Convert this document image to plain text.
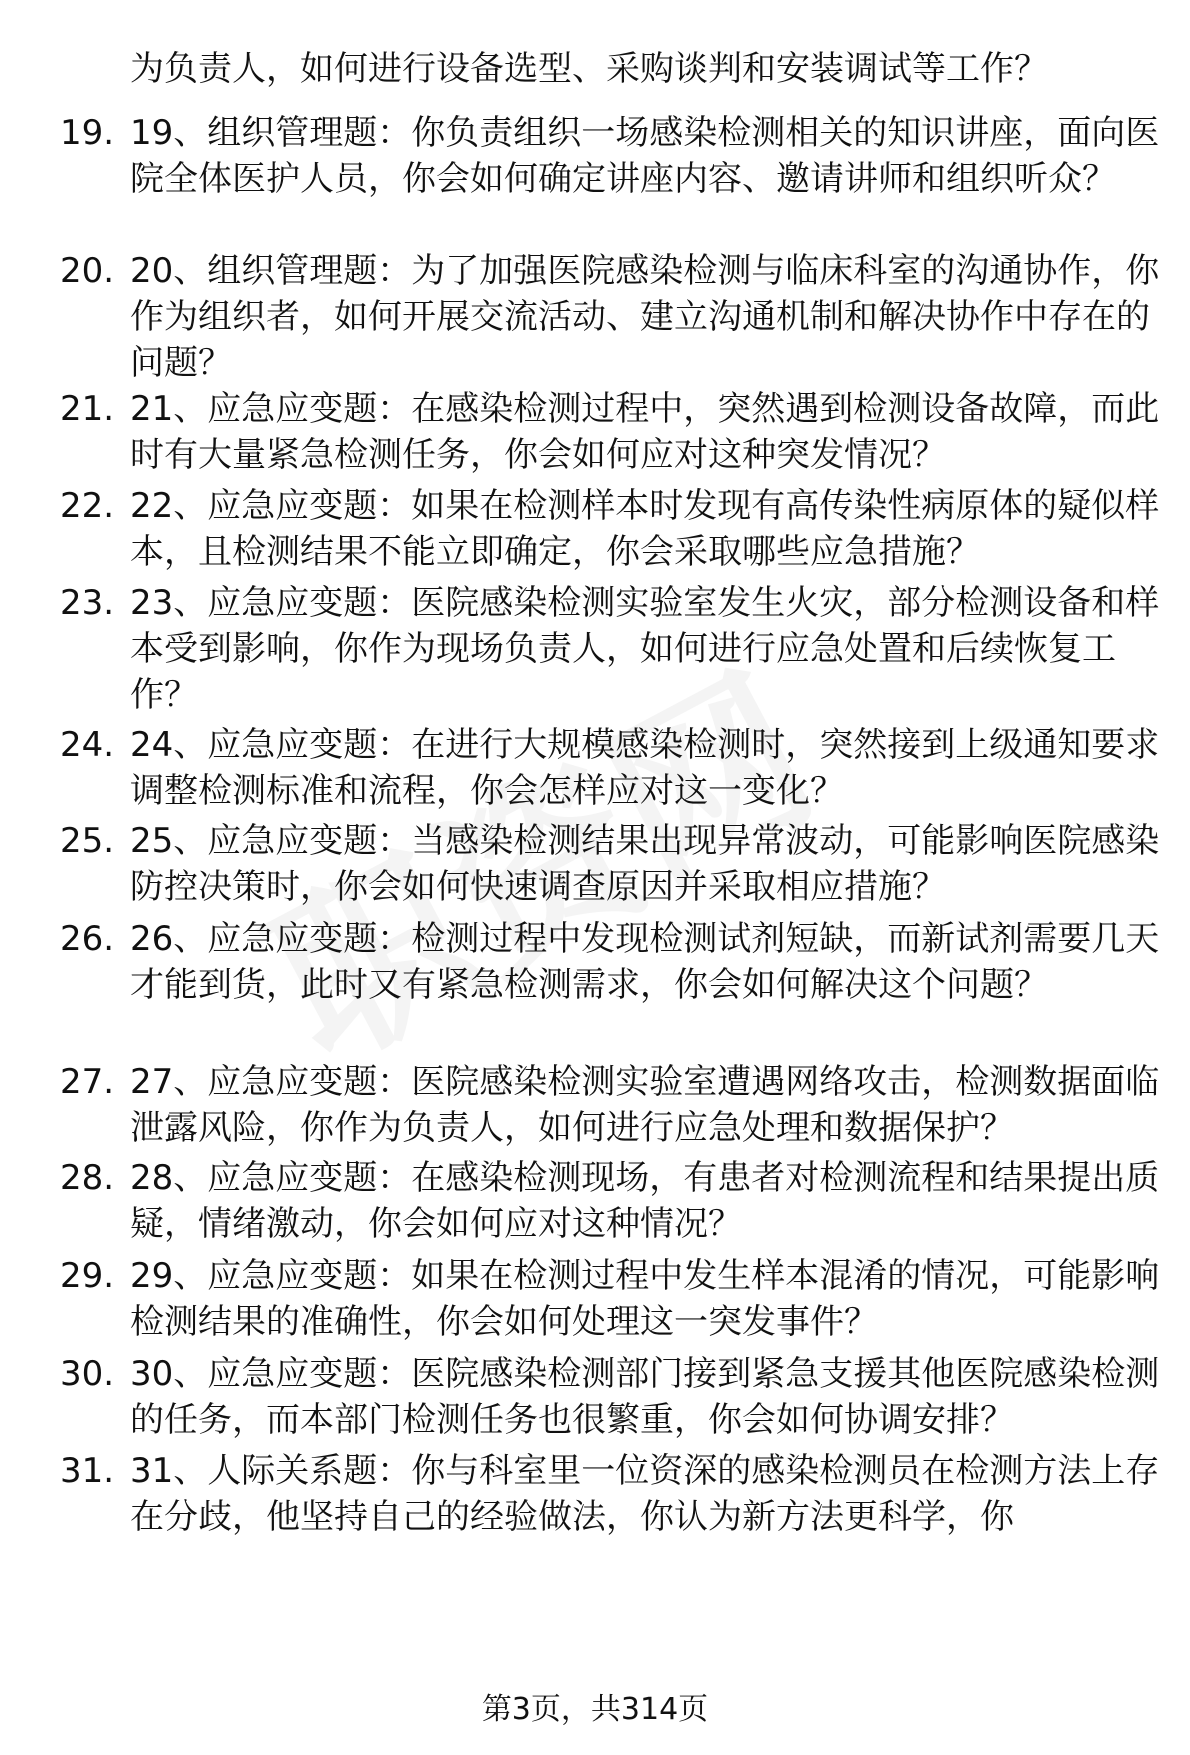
为负责人，如何进行设备选型、采购谈判和安装调试等工作？
19. 19、组织管理题：你负责组织一场感染检测相关的知识讲座，面向医院全体医护人员，你会如何确定讲座内容、邀请讲师和组织听众？
20. 20、组织管理题：为了加强医院感染检测与临床科室的沟通协作，你作为组织者，如何开展交流活动、建立沟通机制和解决协作中存在的问题？
21. 21、应急应变题：在感染检测过程中，突然遇到检测设备故障，而此时有大量紧急检测任务，你会如何应对这种突发情况？
22. 22、应急应变题：如果在检测样本时发现有高传染性病原体的疑似样本，且检测结果不能立即确定，你会采取哪些应急措施？
23. 23、应急应变题：医院感染检测实验室发生火灾，部分检测设备和样本受到影响，你作为现场负责人，如何进行应急处置和后续恢复工作？
24. 24、应急应变题：在进行大规模感染检测时，突然接到上级通知要求调整检测标准和流程，你会怎样应对这一变化？
25. 25、应急应变题：当感染检测结果出现异常波动，可能影响医院感染防控决策时，你会如何快速调查原因并采取相应措施？
26. 26、应急应变题：检测过程中发现检测试剂短缺，而新试剂需要几天才能到货，此时又有紧急检测需求，你会如何解决这个问题？
27. 27、应急应变题：医院感染检测实验室遭遇网络攻击，检测数据面临泄露风险，你作为负责人，如何进行应急处理和数据保护？
28. 28、应急应变题：在感染检测现场，有患者对检测流程和结果提出质疑，情绪激动，你会如何应对这种情况？
29. 29、应急应变题：如果在检测过程中发生样本混淆的情况，可能影响检测结果的准确性，你会如何处理这一突发事件？
30. 30、应急应变题：医院感染检测部门接到紧急支援其他医院感染检测的任务，而本部门检测任务也很繁重，你会如何协调安排？
31. 31、人际关系题：你与科室里一位资深的感染检测员在检测方法上存在分歧，他坚持自己的经验做法，你认为新方法更科学，你
第3页，共314页
